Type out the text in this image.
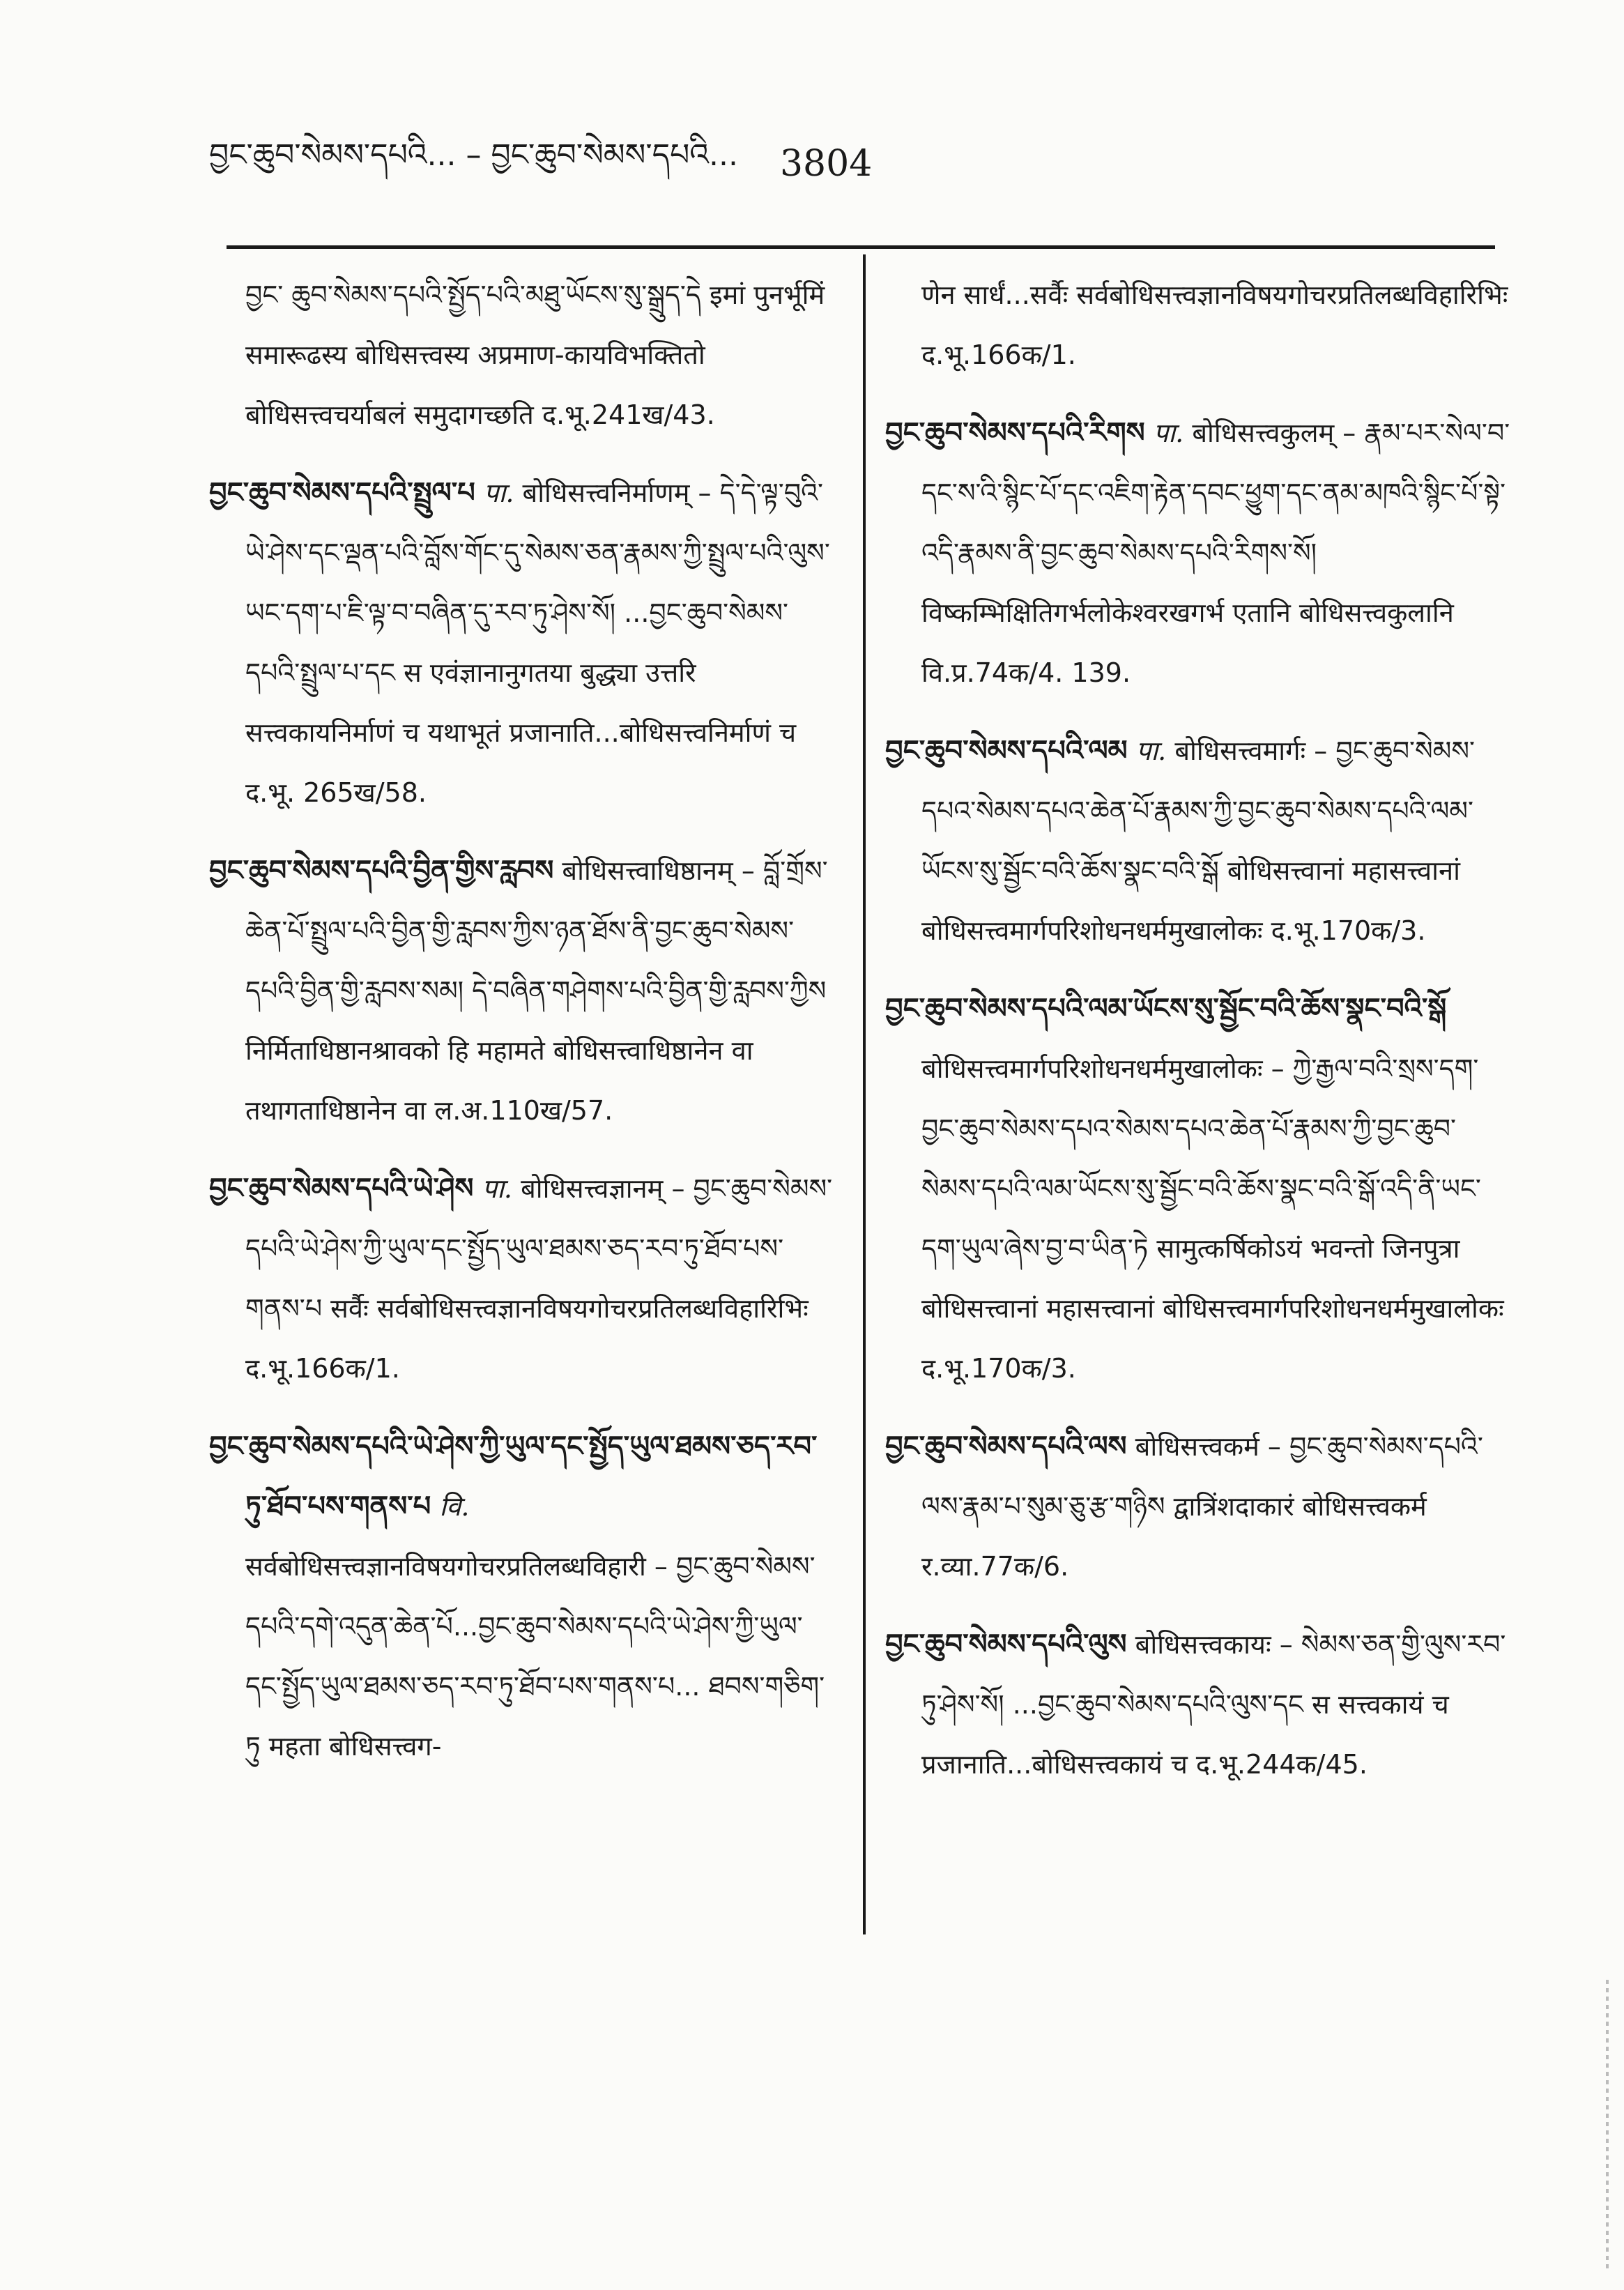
བྱང་ཆུབ་སེམས་དཔའི... – བྱང་ཆུབ་སེམས་དཔའི... 3804

བྱང་ ཆུབ་སེམས་དཔའི་སྤྱོད་པའི་མཐུ་ཡོངས་སུ་སྒྲུད་དེ इमां पुनर्भूमिं समारूढस्य बोधिसत्त्वस्य अप्रमाण-कायविभक्तितो बोधिसत्त्वचर्याबलं समुदागच्छति द.भू.241ख/43.

བྱང་ཆུབ་སེམས་དཔའི་སྤྲུལ་པ पा. बोधिसत्त्वनिर्माणम् – དེ་དེ་ལྟ་བུའི་ཡེ་ཤེས་དང་ལྡན་པའི་བློས་གོང་དུ་སེམས་ཅན་རྣམས་ཀྱི་སྤྲུལ་པའི་ལུས་ཡང་དག་པ་ཇི་ལྟ་བ་བཞིན་དུ་རབ་ཏུ་ཤེས་སོ། ...བྱང་ཆུབ་སེམས་དཔའི་སྤྲུལ་པ་དང स एवंज्ञानानुगतया बुद्ध्या उत्तरि सत्त्वकायनिर्माणं च यथाभूतं प्रजानाति...बोधिसत्त्वनिर्माणं च द.भू. 265ख/58.

བྱང་ཆུབ་སེམས་དཔའི་བྱིན་གྱིས་རླབས बोधिसत्त्वाधिष्ठानम् – བློ་གྲོས་ཆེན་པོ་སྤྲུལ་པའི་བྱིན་གྱི་རླབས་ཀྱིས་ཉན་ཐོས་ནི་བྱང་ཆུབ་སེམས་དཔའི་བྱིན་གྱི་རླབས་སམ། དེ་བཞིན་གཤེགས་པའི་བྱིན་གྱི་རླབས་ཀྱིས निर्मिताधिष्ठानश्रावको हि महामते बोधिसत्त्वाधिष्ठानेन वा तथागताधिष्ठानेन वा ल.अ.110ख/57.

བྱང་ཆུབ་སེམས་དཔའི་ཡེ་ཤེས पा. बोधिसत्त्वज्ञानम् – བྱང་ཆུབ་སེམས་དཔའི་ཡེ་ཤེས་ཀྱི་ཡུལ་དང་སྤྱོད་ཡུལ་ཐམས་ཅད་རབ་ཏུ་ཐོབ་པས་གནས་པ सर्वैः सर्वबोधिसत्त्वज्ञानविषयगोचरप्रतिलब्धविहारिभिः द.भू.166क/1.

བྱང་ཆུབ་སེམས་དཔའི་ཡེ་ཤེས་ཀྱི་ཡུལ་དང་སྤྱོད་ཡུལ་ཐམས་ཅད་རབ་ཏུ་ཐོབ་པས་གནས་པ वि. सर्वबोधिसत्त्वज्ञानविषयगोचरप्रतिलब्धविहारी – བྱང་ཆུབ་སེམས་དཔའི་དགེ་འདུན་ཆེན་པོ...བྱང་ཆུབ་སེམས་དཔའི་ཡེ་ཤེས་ཀྱི་ཡུལ་དང་སྤྱོད་ཡུལ་ཐམས་ཅད་རབ་ཏུ་ཐོབ་པས་གནས་པ... ཐབས་གཅིག་ཏུ महता बोधिसत्त्वग-

णेन सार्धं...सर्वैः सर्वबोधिसत्त्वज्ञानविषयगोचरप्रतिलब्धविहारिभिः द.भू.166क/1.

བྱང་ཆུབ་སེམས་དཔའི་རིགས पा. बोधिसत्त्वकुलम् – རྣམ་པར་སེལ་བ་དང་ས་འི་སྙིང་པོ་དང་འཇིག་རྟེན་དབང་ཕྱུག་དང་ནམ་མཁའི་སྙིང་པོ་སྟེ་འདི་རྣམས་ནི་བྱང་ཆུབ་སེམས་དཔའི་རིགས་སོ། विष्कम्भिक्षितिगर्भलोकेश्वरखगर्भ एतानि बोधिसत्त्वकुलानि वि.प्र.74क/4. 139.

བྱང་ཆུབ་སེམས་དཔའི་ལམ पा. बोधिसत्त्वमार्गः – བྱང་ཆུབ་སེམས་དཔའ་སེམས་དཔའ་ཆེན་པོ་རྣམས་ཀྱི་བྱང་ཆུབ་སེམས་དཔའི་ལམ་ཡོངས་སུ་སྦྱོང་བའི་ཆོས་སྣང་བའི་སྒོ बोधिसत्त्वानां महासत्त्वानां बोधिसत्त्वमार्गपरिशोधनधर्ममुखालोकः द.भू.170क/3.

བྱང་ཆུབ་སེམས་དཔའི་ལམ་ཡོངས་སུ་སྦྱོང་བའི་ཆོས་སྣང་བའི་སྒོ बोधिसत्त्वमार्गपरिशोधनधर्ममुखालोकः – ཀྱེ་རྒྱལ་བའི་སྲས་དག་བྱང་ཆུབ་སེམས་དཔའ་སེམས་དཔའ་ཆེན་པོ་རྣམས་ཀྱི་བྱང་ཆུབ་སེམས་དཔའི་ལམ་ཡོངས་སུ་སྦྱོང་བའི་ཆོས་སྣང་བའི་སྒོ་འདི་ནི་ཡང་དག་ཡུལ་ཞེས་བྱ་བ་ཡིན་ཏེ सामुत्कर्षिकोऽयं भवन्तो जिनपुत्रा बोधिसत्त्वानां महासत्त्वानां बोधिसत्त्वमार्गपरिशोधनधर्ममुखालोकः द.भू.170क/3.

བྱང་ཆུབ་སེམས་དཔའི་ལས बोधिसत्त्वकर्म – བྱང་ཆུབ་སེམས་དཔའི་ལས་རྣམ་པ་སུམ་ཅུ་རྩ་གཉིས द्वात्रिंशदाकारं बोधिसत्त्वकर्म र.व्या.77क/6.

བྱང་ཆུབ་སེམས་དཔའི་ལུས बोधिसत्त्वकायः – སེམས་ཅན་གྱི་ལུས་རབ་ཏུ་ཤེས་སོ། ...བྱང་ཆུབ་སེམས་དཔའི་ལུས་དང स सत्त्वकायं च प्रजानाति...बोधिसत्त्वकायं च द.भू.244क/45.
